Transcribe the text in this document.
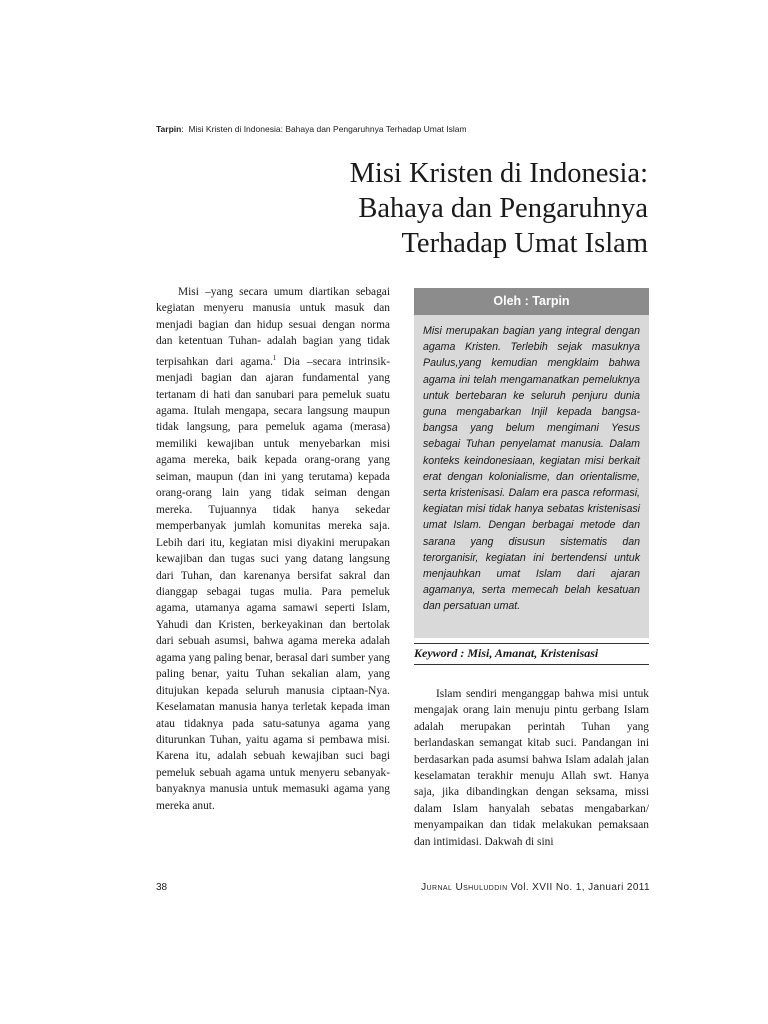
Tarpin:  Misi Kristen di Indonesia: Bahaya dan Pengaruhnya Terhadap Umat Islam
Misi Kristen di Indonesia:
Bahaya dan Pengaruhnya
Terhadap Umat Islam

Misi –yang secara umum diartikan sebagai kegiatan menyeru manusia untuk masuk dan menjadi bagian dan hidup sesuai dengan norma dan ketentuan Tuhan- adalah bagian yang tidak terpisahkan dari agama.$^1$ Dia –secara intrinsik- menjadi bagian dan ajaran fundamental yang tertanam di hati dan sanubari para pemeluk suatu agama. Itulah mengapa, secara langsung maupun tidak langsung, para pemeluk agama (merasa) memiliki kewajiban untuk menyebarkan misi agama mereka, baik kepada orang-orang yang seiman, maupun (dan ini yang terutama) kepada orang-orang lain yang tidak seiman dengan mereka. Tujuannya tidak hanya sekedar memperbanyak jumlah komunitas mereka saja. Lebih dari itu, kegiatan misi diyakini merupakan kewajiban dan tugas suci yang datang langsung dari Tuhan, dan karenanya bersifat sakral dan dianggap sebagai tugas mulia. Para pemeluk agama, utamanya agama samawi seperti Islam, Yahudi dan Kristen, berkeyakinan dan bertolak dari sebuah asumsi, bahwa agama mereka adalah agama yang paling benar, berasal dari sumber yang paling benar, yaitu Tuhan sekalian alam, yang ditujukan kepada seluruh manusia ciptaan-Nya. Keselamatan manusia hanya terletak kepada iman atau tidaknya pada satu-satunya agama yang diturunkan Tuhan, yaitu agama si pembawa misi. Karena itu, adalah sebuah kewajiban suci bagi pemeluk sebuah agama untuk menyeru sebanyak-banyaknya manusia untuk memasuki agama yang mereka anut.

Oleh : Tarpin
Misi merupakan bagian yang integral dengan agama Kristen. Terlebih sejak masuknya Paulus,yang kemudian mengklaim bahwa agama ini telah mengamanatkan pemeluknya untuk bertebaran ke seluruh penjuru dunia guna mengabarkan Injil kepada bangsa-bangsa yang belum mengimani Yesus sebagai Tuhan penyelamat manusia. Dalam konteks keindonesiaan, kegiatan misi berkait erat dengan kolonialisme, dan orientalisme, serta kristenisasi. Dalam era pasca reformasi, kegiatan misi tidak hanya sebatas kristenisasi umat Islam. Dengan berbagai metode dan sarana yang disusun sistematis dan terorganisir, kegiatan ini bertendensi untuk menjauhkan umat Islam dari ajaran agamanya, serta memecah belah kesatuan dan persatuan umat.
Keyword : Misi, Amanat, Kristenisasi

Islam sendiri menganggap bahwa misi untuk mengajak orang lain menuju pintu gerbang Islam adalah merupakan perintah Tuhan yang berlandaskan semangat kitab suci. Pandangan ini berdasarkan pada asumsi bahwa Islam adalah jalan keselamatan terakhir menuju Allah swt. Hanya saja, jika dibandingkan dengan seksama, missi dalam Islam hanyalah sebatas mengabarkan/ menyampaikan dan tidak melakukan pemaksaan dan intimidasi. Dakwah di sini

38	Jurnal Ushuluddin Vol. XVII No. 1, Januari 2011
